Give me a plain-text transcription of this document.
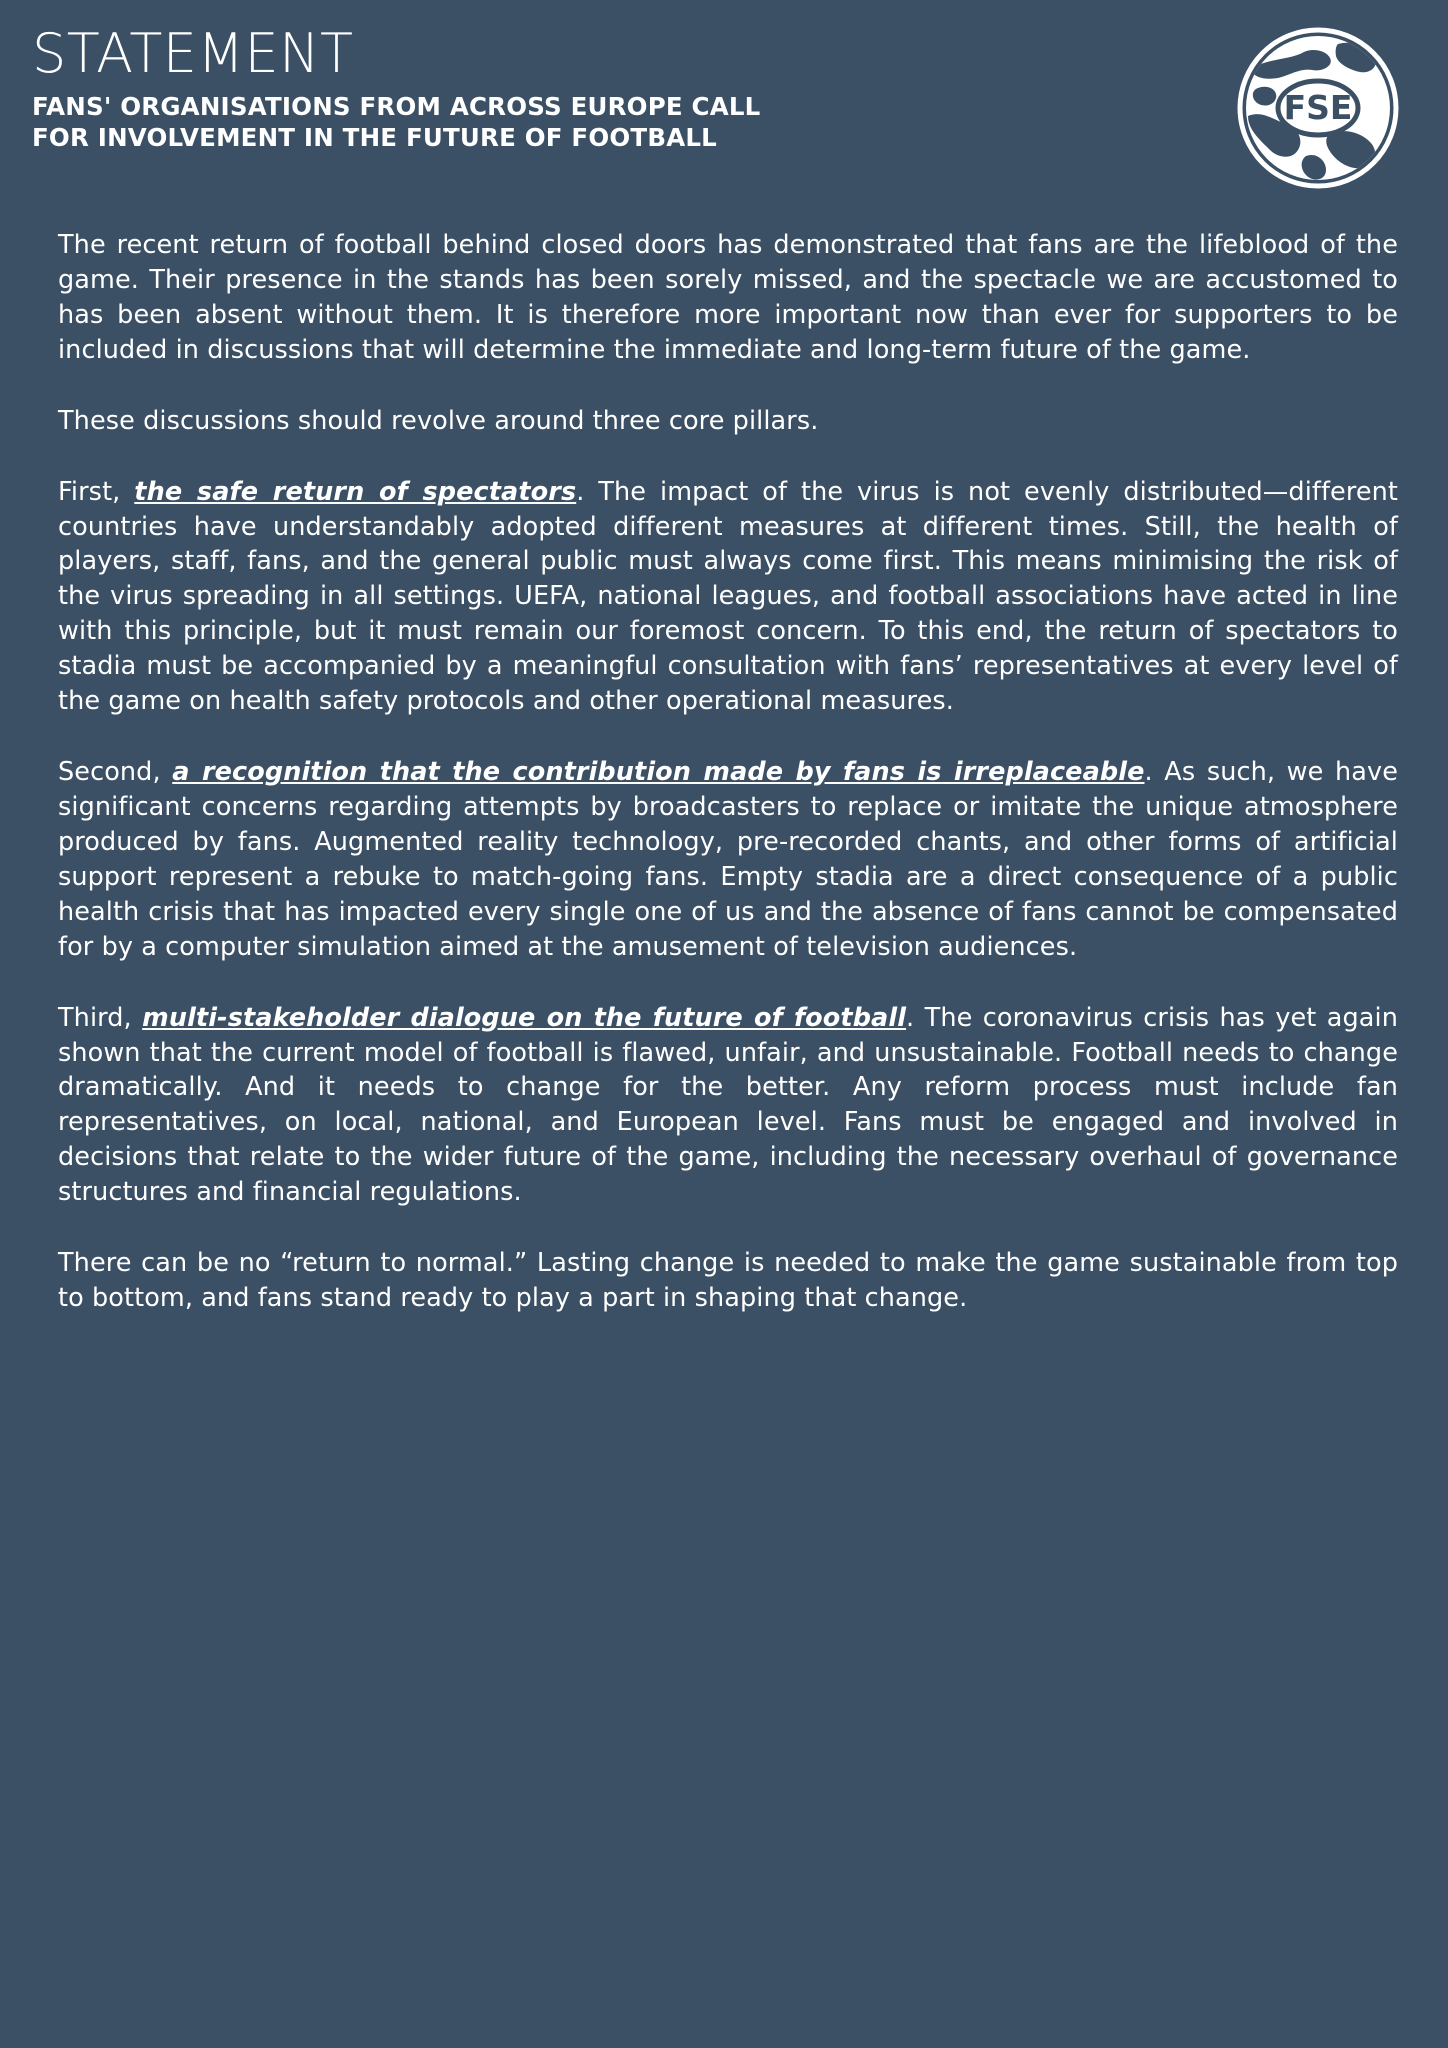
STATEMENT
FANS' ORGANISATIONS FROM ACROSS EUROPE CALL
FOR INVOLVEMENT IN THE FUTURE OF FOOTBALL
FSE

The recent return of football behind closed doors has demonstrated that fans are the lifeblood of the game. Their presence in the stands has been sorely missed, and the spectacle we are accustomed to has been absent without them. It is therefore more important now than ever for supporters to be included in discussions that will determine the immediate and long-term future of the game.

These discussions should revolve around three core pillars.

First, the safe return of spectators. The impact of the virus is not evenly distributed—different countries have understandably adopted different measures at different times. Still, the health of players, staff, fans, and the general public must always come first. This means minimising the risk of the virus spreading in all settings. UEFA, national leagues, and football associations have acted in line with this principle, but it must remain our foremost concern. To this end, the return of spectators to stadia must be accompanied by a meaningful consultation with fans’ representatives at every level of the game on health safety protocols and other operational measures.

Second, a recognition that the contribution made by fans is irreplaceable. As such, we have significant concerns regarding attempts by broadcasters to replace or imitate the unique atmosphere produced by fans. Augmented reality technology, pre-recorded chants, and other forms of artificial support represent a rebuke to match-going fans. Empty stadia are a direct consequence of a public health crisis that has impacted every single one of us and the absence of fans cannot be compensated for by a computer simulation aimed at the amusement of television audiences.

Third, multi-stakeholder dialogue on the future of football. The coronavirus crisis has yet again shown that the current model of football is flawed, unfair, and unsustainable. Football needs to change dramatically. And it needs to change for the better. Any reform process must include fan representatives, on local, national, and European level. Fans must be engaged and involved in decisions that relate to the wider future of the game, including the necessary overhaul of governance structures and financial regulations.

There can be no “return to normal.” Lasting change is needed to make the game sustainable from top to bottom, and fans stand ready to play a part in shaping that change.
